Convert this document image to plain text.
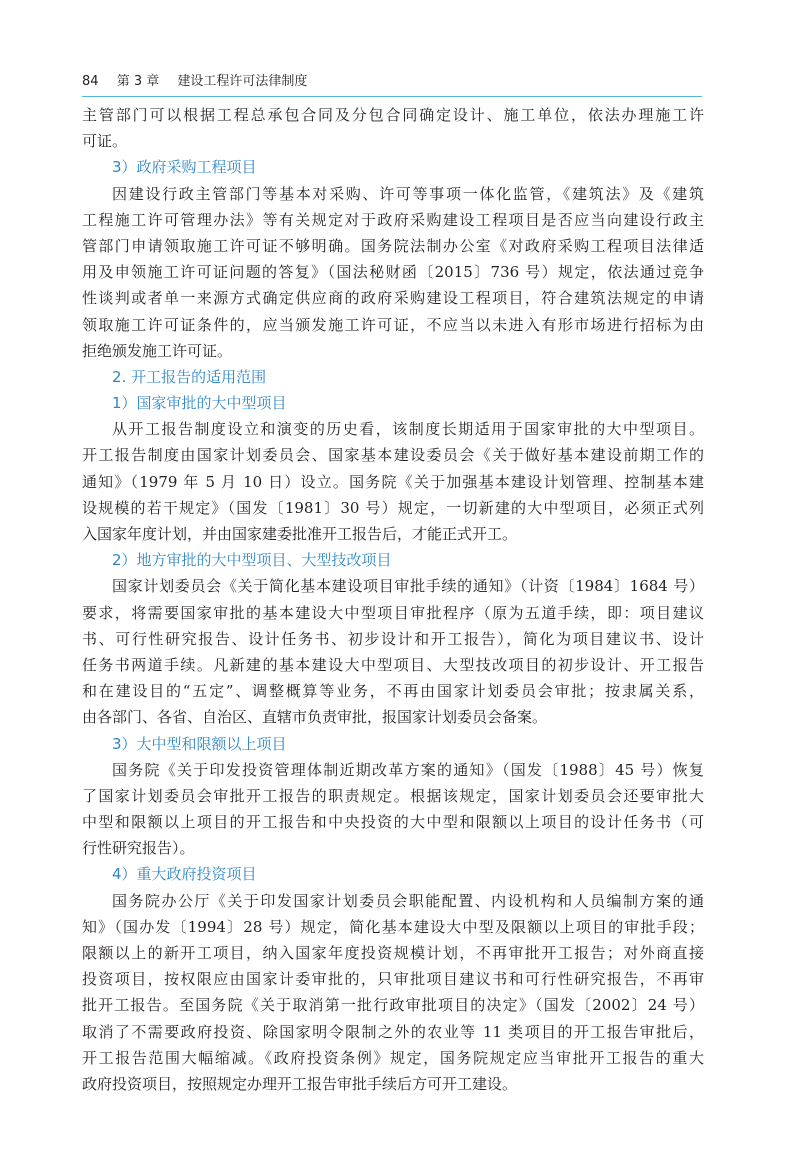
84 第 3 章 建设工程许可法律制度
主管部门可以根据工程总承包合同及分包合同确定设计、施工单位，依法办理施工许
可证。
3）政府采购工程项目
因建设行政主管部门等基本对采购、许可等事项一体化监管，《建筑法》及《建筑
工程施工许可管理办法》等有关规定对于政府采购建设工程项目是否应当向建设行政主
管部门申请领取施工许可证不够明确。国务院法制办公室《对政府采购工程项目法律适
用及申领施工许可证问题的答复》（国法秘财函〔2015〕736 号）规定，依法通过竞争
性谈判或者单一来源方式确定供应商的政府采购建设工程项目，符合建筑法规定的申请
领取施工许可证条件的，应当颁发施工许可证，不应当以未进入有形市场进行招标为由
拒绝颁发施工许可证。
2. 开工报告的适用范围
1）国家审批的大中型项目
从开工报告制度设立和演变的历史看，该制度长期适用于国家审批的大中型项目。
开工报告制度由国家计划委员会、国家基本建设委员会《关于做好基本建设前期工作的
通知》（1979 年 5 月 10 日）设立。国务院《关于加强基本建设计划管理、控制基本建
设规模的若干规定》（国发〔1981〕30 号）规定，一切新建的大中型项目，必须正式列
入国家年度计划，并由国家建委批准开工报告后，才能正式开工。
2）地方审批的大中型项目、大型技改项目
国家计划委员会《关于简化基本建设项目审批手续的通知》（计资〔1984〕1684 号）
要求，将需要国家审批的基本建设大中型项目审批程序（原为五道手续，即：项目建议
书、可行性研究报告、设计任务书、初步设计和开工报告），简化为项目建议书、设计
任务书两道手续。凡新建的基本建设大中型项目、大型技改项目的初步设计、开工报告
和在建设目的“五定”、调整概算等业务，不再由国家计划委员会审批；按隶属关系，
由各部门、各省、自治区、直辖市负责审批，报国家计划委员会备案。
3）大中型和限额以上项目
国务院《关于印发投资管理体制近期改革方案的通知》（国发〔1988〕45 号）恢复
了国家计划委员会审批开工报告的职责规定。根据该规定，国家计划委员会还要审批大
中型和限额以上项目的开工报告和中央投资的大中型和限额以上项目的设计任务书（可
行性研究报告）。
4）重大政府投资项目
国务院办公厅《关于印发国家计划委员会职能配置、内设机构和人员编制方案的通
知》（国办发〔1994〕28 号）规定，简化基本建设大中型及限额以上项目的审批手段；
限额以上的新开工项目，纳入国家年度投资规模计划，不再审批开工报告；对外商直接
投资项目，按权限应由国家计委审批的，只审批项目建议书和可行性研究报告，不再审
批开工报告。至国务院《关于取消第一批行政审批项目的决定》（国发〔2002〕24 号）
取消了不需要政府投资、除国家明令限制之外的农业等 11 类项目的开工报告审批后，
开工报告范围大幅缩减。《政府投资条例》规定，国务院规定应当审批开工报告的重大
政府投资项目，按照规定办理开工报告审批手续后方可开工建设。
